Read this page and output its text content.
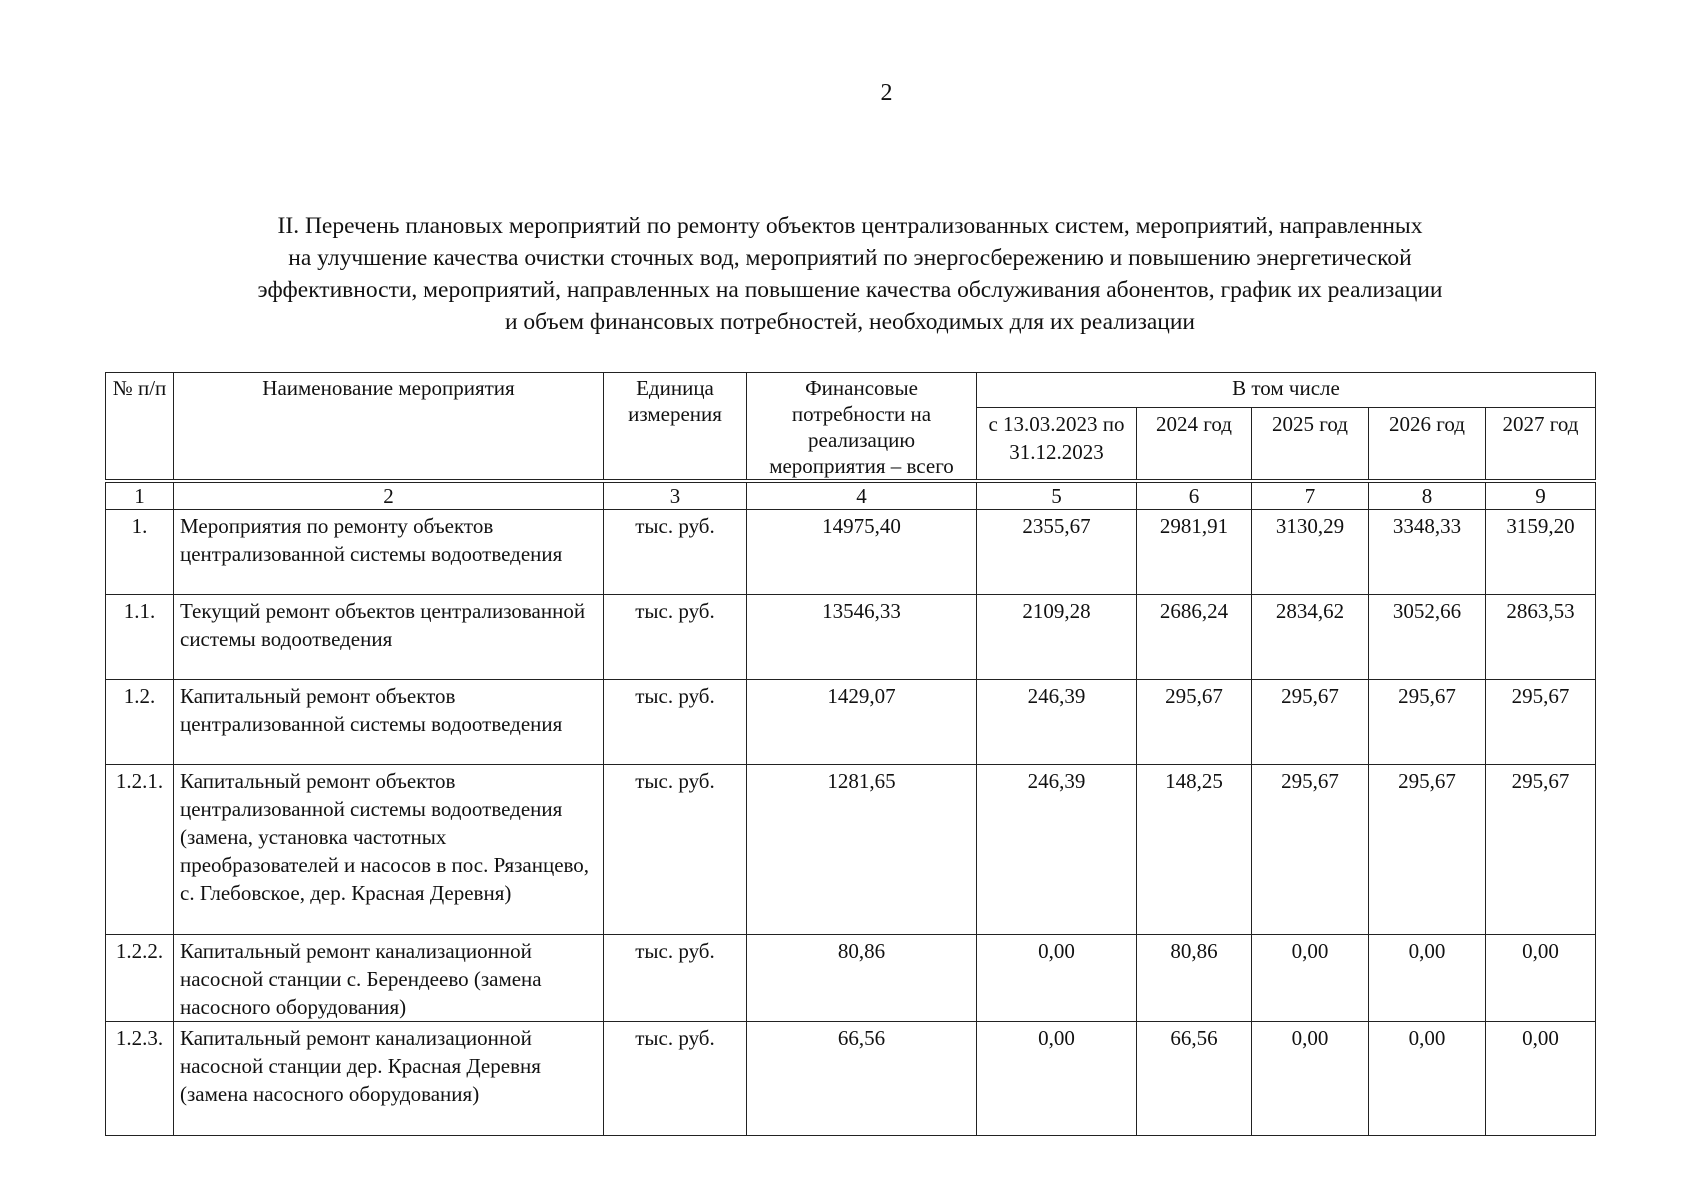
2
II. Перечень плановых мероприятий по ремонту объектов централизованных систем, мероприятий, направленных
на улучшение качества очистки сточных вод, мероприятий по энергосбережению и повышению энергетической
эффективности, мероприятий, направленных на повышение качества обслуживания абонентов, график их реализации
и объем финансовых потребностей, необходимых для их реализации
№ п/п	Наименование мероприятия	Единица измерения	Финансовые потребности на реализацию мероприятия – всего	В том числе				
				с 13.03.2023 по 31.12.2023	2024 год	2025 год	2026 год	2027 год
1	2	3	4	5	6	7	8	9
1.	Мероприятия по ремонту объектов централизованной системы водоотведения	тыс. руб.	14975,40	2355,67	2981,91	3130,29	3348,33	3159,20
1.1.	Текущий ремонт объектов централизованной системы водоотведения	тыс. руб.	13546,33	2109,28	2686,24	2834,62	3052,66	2863,53
1.2.	Капитальный ремонт объектов централизованной системы водоотведения	тыс. руб.	1429,07	246,39	295,67	295,67	295,67	295,67
1.2.1.	Капитальный ремонт объектов централизованной системы водоотведения (замена, установка частотных преобразователей и насосов в пос. Рязанцево, с. Глебовское, дер. Красная Деревня)	тыс. руб.	1281,65	246,39	148,25	295,67	295,67	295,67
1.2.2.	Капитальный ремонт канализационной насосной станции с. Берендеево (замена насосного оборудования)	тыс. руб.	80,86	0,00	80,86	0,00	0,00	0,00
1.2.3.	Капитальный ремонт канализационной насосной станции дер. Красная Деревня (замена насосного оборудования)	тыс. руб.	66,56	0,00	66,56	0,00	0,00	0,00
